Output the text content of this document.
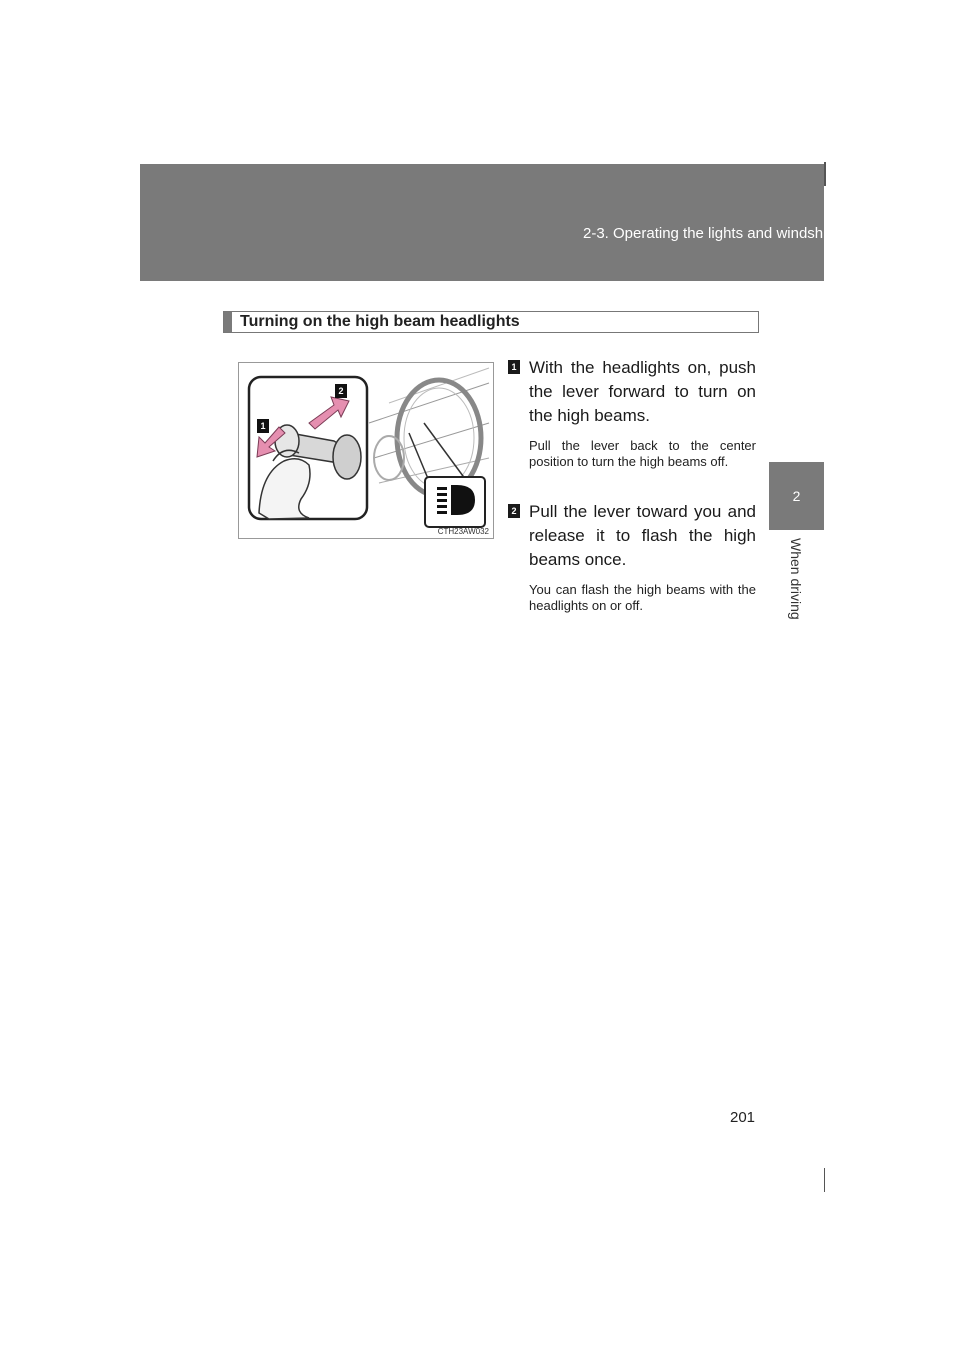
2-3. Operating the lights and windshield wipers
2
When driving
Turning on the high beam headlights
1
2
CTH23AW032
1 With the headlights on, push the lever forward to turn on the high beams.
Pull the lever back to the center position to turn the high beams off.
2 Pull the lever toward you and release it to flash the high beams once.
You can flash the high beams with the headlights on or off.
201
